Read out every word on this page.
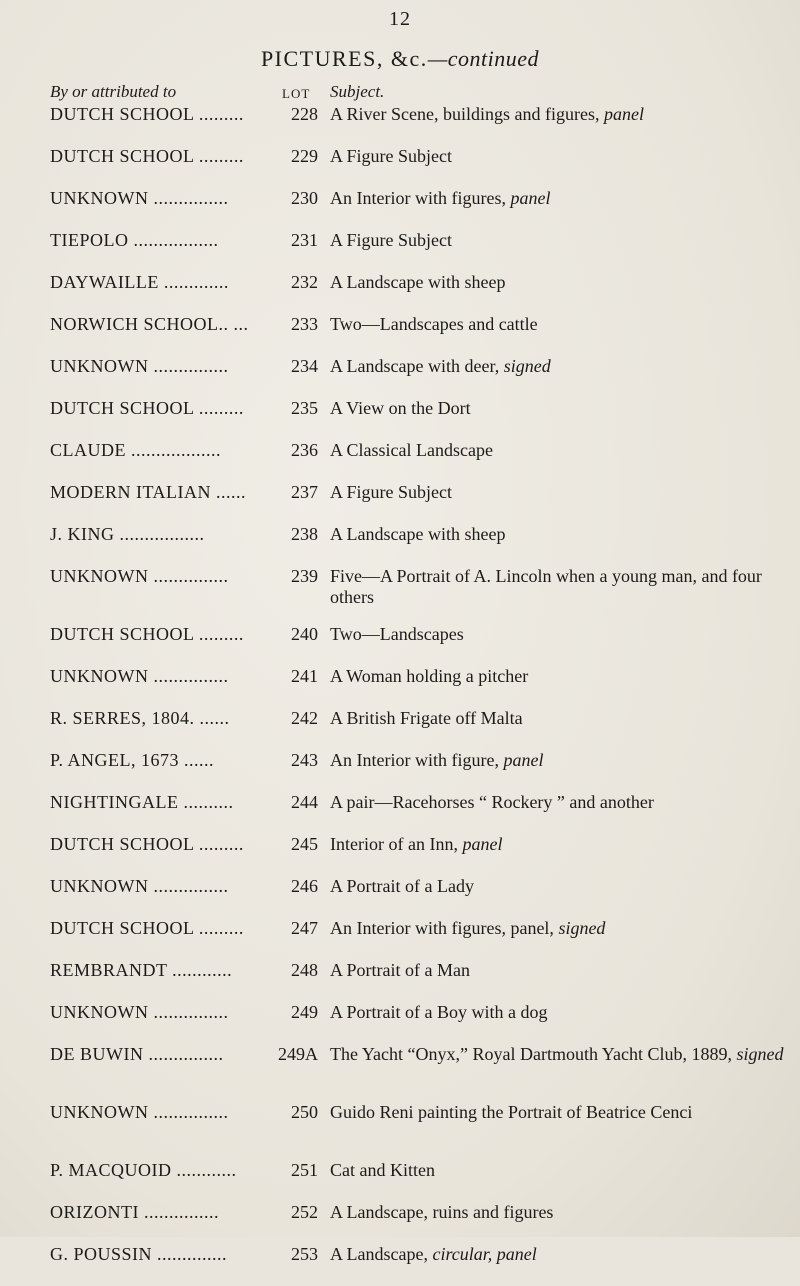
12
PICTURES, &c.—continued
By or attributed to	LOT Subject.
DUTCH SCHOOL .........	228 A River Scene, buildings and figures, panel
DUTCH SCHOOL .........	229 A Figure Subject
UNKNOWN ...............	230 An Interior with figures, panel
TIEPOLO .................	231 A Figure Subject
DAYWAILLE .............	232 A Landscape with sheep
NORWICH SCHOOL.. ...	233 Two—Landscapes and cattle
UNKNOWN ...............	234 A Landscape with deer, signed
DUTCH SCHOOL .........	235 A View on the Dort
CLAUDE ..................	236 A Classical Landscape
MODERN ITALIAN ......	237 A Figure Subject
J. KING .................	238 A Landscape with sheep
UNKNOWN ...............	239 Five—A Portrait of A. Lincoln when a young man, and four others
DUTCH SCHOOL .........	240 Two—Landscapes
UNKNOWN ...............	241 A Woman holding a pitcher
R. SERRES, 1804. ......	242 A British Frigate off Malta
P. ANGEL, 1673 ......	243 An Interior with figure, panel
NIGHTINGALE ..........	244 A pair—Racehorses “ Rockery ” and another
DUTCH SCHOOL .........	245 Interior of an Inn, panel
UNKNOWN ...............	246 A Portrait of a Lady
DUTCH SCHOOL .........	247 An Interior with figures, panel, signed
REMBRANDT ............	248 A Portrait of a Man
UNKNOWN ...............	249 A Portrait of a Boy with a dog
DE BUWIN ...............	249A The Yacht “Onyx,” Royal Dartmouth Yacht Club, 1889, signed
UNKNOWN ...............	250 Guido Reni painting the Portrait of Beatrice Cenci
P. MACQUOID ............	251 Cat and Kitten
ORIZONTI ...............	252 A Landscape, ruins and figures
G. POUSSIN ..............	253 A Landscape, circular, panel
